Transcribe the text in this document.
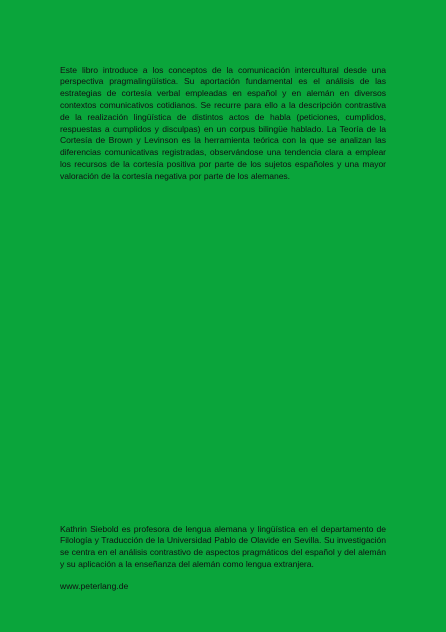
Este libro introduce a los conceptos de la comunicación intercultural desde una perspectiva pragmalingüística. Su aportación fundamental es el análisis de las estrategias de cortesía verbal empleadas en español y en alemán en diversos contextos comunicativos cotidianos. Se recurre para ello a la descripción contrastiva de la realización lingüística de distintos actos de habla (peticiones, cumplidos, respuestas a cumplidos y disculpas) en un corpus bilingüe hablado. La Teoría de la Cortesía de Brown y Levinson es la herramienta teórica con la que se analizan las diferencias comunicativas registradas, observándose una tendencia clara a emplear los recursos de la cortesía positiva por parte de los sujetos españoles y una mayor valoración de la cortesía negativa por parte de los alemanes.

Kathrin Siebold es profesora de lengua alemana y lingüística en el departamento de Filología y Traducción de la Universidad Pablo de Olavide en Sevilla. Su investigación se centra en el análisis contrastivo de aspectos pragmáticos del español y del alemán y su aplicación a la enseñanza del alemán como lengua extranjera.

www.peterlang.de
